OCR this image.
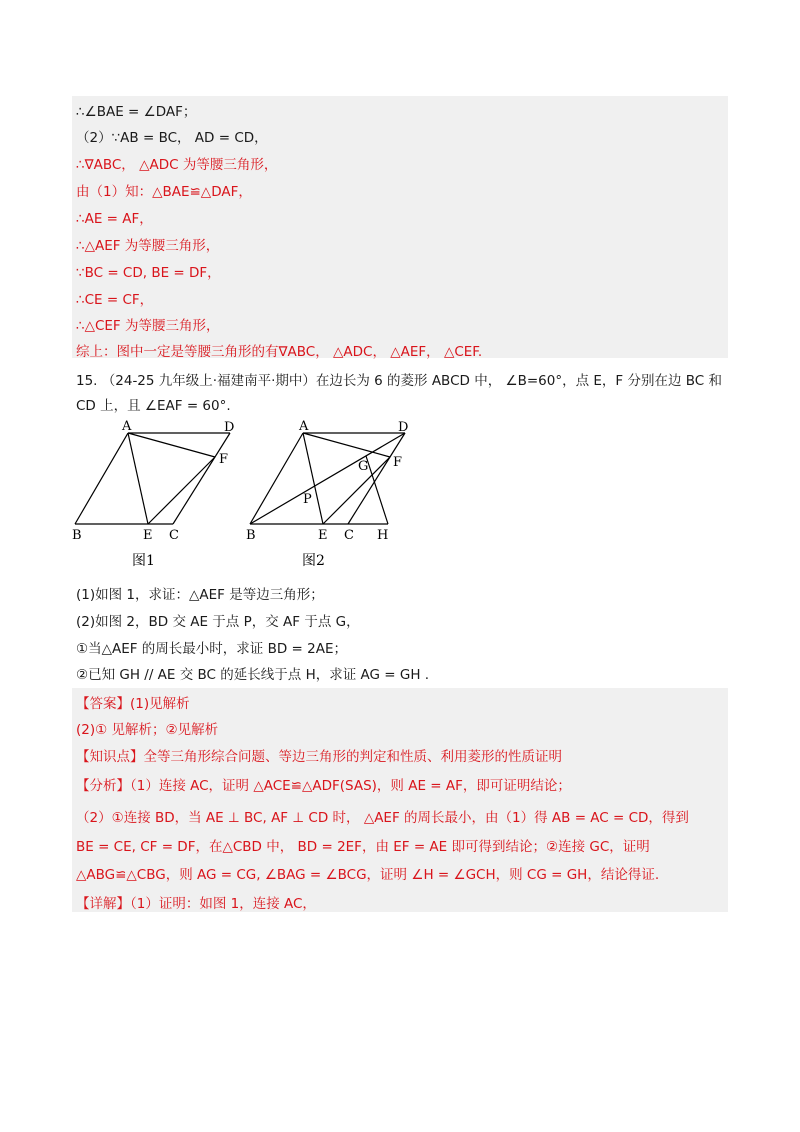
∴∠BAE = ∠DAF；
（2）∵AB = BC， AD = CD，
∴∇ABC， △ADC 为等腰三角形，
由（1）知：△BAE≌△DAF，
∴AE = AF，
∴△AEF 为等腰三角形，
∵BC = CD, BE = DF，
∴CE = CF，
∴△CEF 为等腰三角形，
综上：图中一定是等腰三角形的有∇ABC， △ADC， △AEF， △CEF.
15. （24-25 九年级上·福建南平·期中）在边长为 6 的菱形 ABCD 中， ∠B=60°，点 E，F 分别在边 BC 和
CD 上，且 ∠EAF = 60°.
A	D
F
B	E C
图1
A	D
G F
P
B	E C H
图2
(1)如图 1，求证：△AEF 是等边三角形；
(2)如图 2，BD 交 AE 于点 P，交 AF 于点 G，
①当△AEF 的周长最小时，求证 BD = 2AE；
②已知 GH // AE 交 BC 的延长线于点 H，求证 AG = GH .
【答案】(1)见解析
(2)① 见解析；②见解析
【知识点】全等三角形综合问题、等边三角形的判定和性质、利用菱形的性质证明
【分析】（1）连接 AC，证明 △ACE≌△ADF(SAS)，则 AE = AF，即可证明结论；
（2）①连接 BD，当 AE ⊥ BC, AF ⊥ CD 时， △AEF 的周长最小，由（1）得 AB = AC = CD，得到
BE = CE, CF = DF，在△CBD 中， BD = 2EF，由 EF = AE 即可得到结论；②连接 GC，证明
△ABG≌△CBG，则 AG = CG, ∠BAG = ∠BCG，证明 ∠H = ∠GCH，则 CG = GH，结论得证.
【详解】（1）证明：如图 1，连接 AC，
